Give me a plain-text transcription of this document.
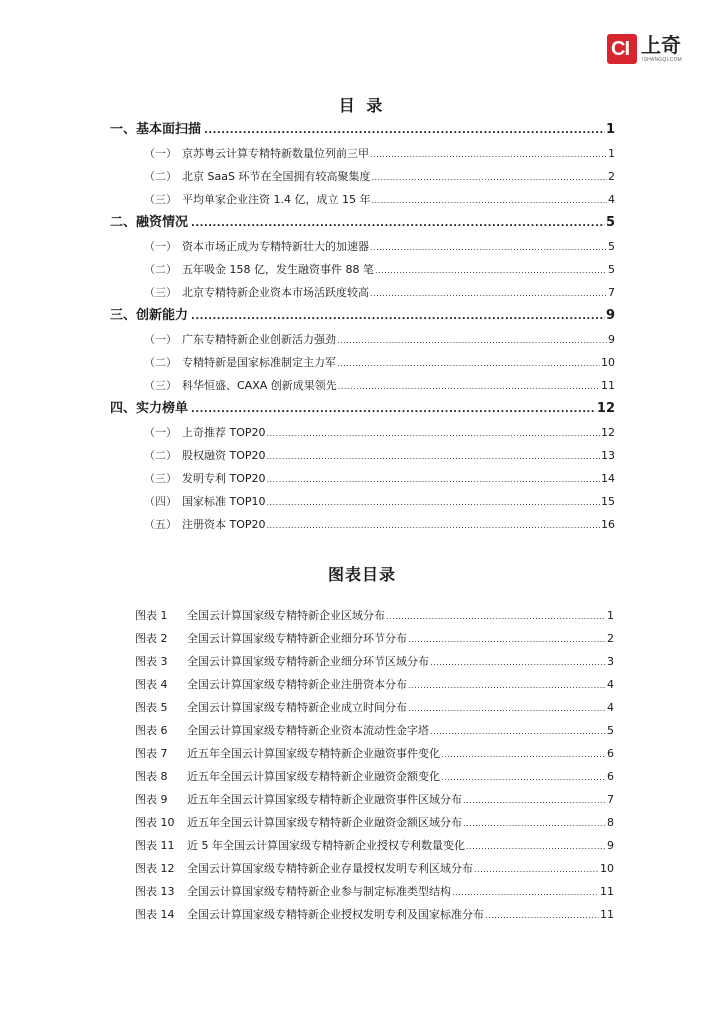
CI 上奇
ISHANGQI.COM
目 录
一、基本面扫描 .....	1
（一） 京苏粤云计算专精特新数量位列前三甲 .....	1
（二） 北京 SaaS 环节在全国拥有较高聚集度 .....	2
（三） 平均单家企业注资 1.4 亿，成立 15 年 .....	4
二、融资情况 .....	5
（一） 资本市场正成为专精特新壮大的加速器 .....	5
（二） 五年吸金 158 亿，发生融资事件 88 笔 .....	5
（三） 北京专精特新企业资本市场活跃度较高 .....	7
三、创新能力 .....	9
（一） 广东专精特新企业创新活力强劲 .....	9
（二） 专精特新是国家标准制定主力军 .....	10
（三） 科华恒盛、CAXA 创新成果领先 .....	11
四、实力榜单 .....	12
（一） 上奇推荐 TOP20 .....	12
（二） 股权融资 TOP20 .....	13
（三） 发明专利 TOP20 .....	14
（四） 国家标准 TOP10 .....	15
（五） 注册资本 TOP20 .....	16
图表目录
图表 1	全国云计算国家级专精特新企业区域分布 .....	1
图表 2	全国云计算国家级专精特新企业细分环节分布 .....	2
图表 3	全国云计算国家级专精特新企业细分环节区域分布 .....	3
图表 4	全国云计算国家级专精特新企业注册资本分布 .....	4
图表 5	全国云计算国家级专精特新企业成立时间分布 .....	4
图表 6	全国云计算国家级专精特新企业资本流动性金字塔 .....	5
图表 7	近五年全国云计算国家级专精特新企业融资事件变化 .....	6
图表 8	近五年全国云计算国家级专精特新企业融资金额变化 .....	6
图表 9	近五年全国云计算国家级专精特新企业融资事件区域分布 .....	7
图表 10	近五年全国云计算国家级专精特新企业融资金额区域分布 .....	8
图表 11	近 5 年全国云计算国家级专精特新企业授权专利数量变化 .....	9
图表 12	全国云计算国家级专精特新企业存量授权发明专利区域分布 .....	10
图表 13	全国云计算国家级专精特新企业参与制定标准类型结构 .....	11
图表 14	全国云计算国家级专精特新企业授权发明专利及国家标准分布 .....	11
